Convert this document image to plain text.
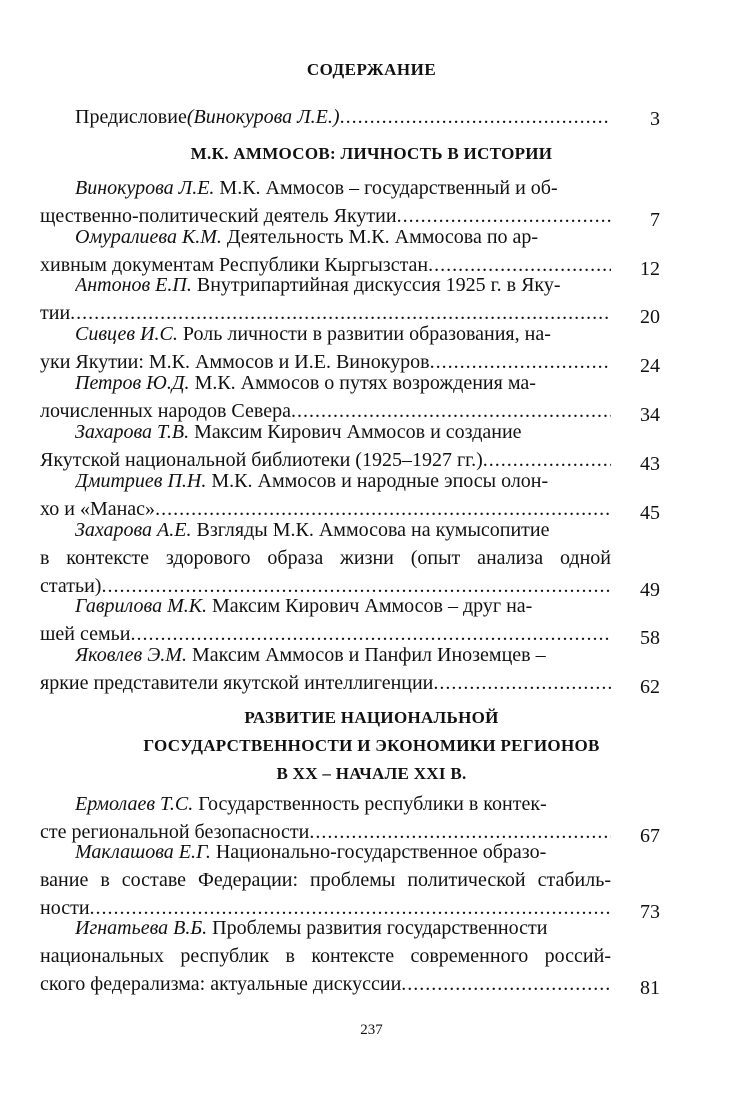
СОДЕРЖАНИЕ
Предисловие (Винокурова Л.Е.) .....	3
М.К. АММОСОВ: ЛИЧНОСТЬ В ИСТОРИИ
Винокурова Л.Е. М.К. Аммосов – государственный и об-
щественно-политический деятель Якутии .....	7
Омуралиева К.М. Деятельность М.К. Аммосова по ар-
хивным документам Республики Кыргызстан .....	12
Антонов Е.П. Внутрипартийная дискуссия 1925 г. в Яку-
тии .....	20
Сивцев И.С. Роль личности в развитии образования, на-
уки Якутии: М.К. Аммосов и И.Е. Винокуров .....	24
Петров Ю.Д. М.К. Аммосов о путях возрождения ма-
лочисленных народов Севера .....	34
Захарова Т.В. Максим Кирович Аммосов и создание
Якутской национальной библиотеки (1925–1927 гг.) .....	43
Дмитриев П.Н. М.К. Аммосов и народные эпосы олон-
хо и «Манас» .....	45
Захарова А.Е. Взгляды М.К. Аммосова на кумысопитие
в контексте здорового образа жизни (опыт анализа одной
статьи) .....	49
Гаврилова М.К. Максим Кирович Аммосов – друг на-
шей семьи .....	58
Яковлев Э.М. Максим Аммосов и Панфил Иноземцев –
яркие представители якутской интеллигенции .....	62
РАЗВИТИЕ НАЦИОНАЛЬНОЙ
ГОСУДАРСТВЕННОСТИ И ЭКОНОМИКИ РЕГИОНОВ
В XX – НАЧАЛЕ XXI В.
Ермолаев Т.С. Государственность республики в контек-
сте региональной безопасности .....	67
Маклашова Е.Г. Национально-государственное образо-
вание в составе Федерации: проблемы политической стабиль-
ности .....	73
Игнатьева В.Б. Проблемы развития государственности
национальных республик в контексте современного россий-
ского федерализма: актуальные дискуссии .....	81
237
